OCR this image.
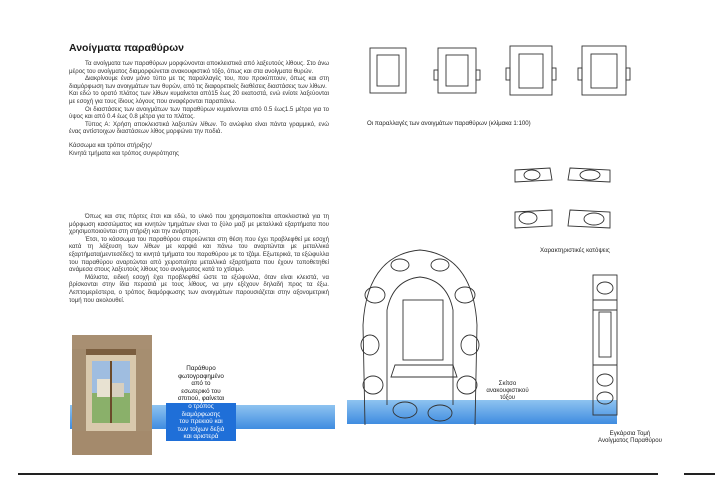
Ανοίγματα παραθύρων

Τα ανοίγματα των παραθύρων μορφώνονται αποκλειστικά από λαξευτούς λίθους. Στο άνω μέρος του ανοίγματος διαμορφώνεται ανακουφιστικό τόξο, όπως και στα ανοίγματα θυρών.

Διακρίνουμε έναν μόνο τύπο με τις παραλλαγές του, που προκύπτουν, όπως και στη διαμόρφωση των ανοιγμάτων των θυρών, από τις διαφορετικές διαθέσεις διαστάσεις των λίθων.

Και εδώ το ορατό πλάτος των λίθων κυμαίνεται από15 έως 20 εκατοστά, ενώ ενίοτε λαξεύονται με εσοχή για τους ίδιους λόγους που αναφέρονται παραπάνω.

Οι διαστάσεις των ανοιγμάτων των παραθύρων κυμαίνονται από 0.5 έως1.5 μέτρα για το ύψος και από 0.4 έως 0.8 μέτρα για το πλάτος.

Τύπος Α: Χρήση αποκλειστικά λαξευτών λίθων. Το ανώφλιο είναι πάντα γραμμικό, ενώ ένας αντίστοιχων διαστάσεων λίθος μορφώνει την ποδιά.

Κάσσωμα και τρόποι στήριξης/

Κινητά τμήματα και τρόπος συγκρότησης

Όπως και στις πόρτες έτσι και εδώ, το υλικό που χρησιμοποιείται αποκλειστικά για τη μόρφωση κασσώματος και κινητών τμημάτων είναι το ξύλο μαζί με μεταλλικά εξαρτήματα που χρησιμοποιούνται στη στήριξη και την ανάρτηση.

Έτσι, το κάσσωμα του παραθύρου στερεώνεται στη θέση που έχει προβλεφθεί με εσοχή κατά τη λάξευση των λίθων με καρφιά και πάνω του αναρτώνται με μεταλλικά εξαρτήματα(μεντεσέδες) τα κινητά τμήματα του παραθύρου με το τζάμι. Εξωτερικά, τα εξώφυλλα του παραθύρου αναρτώνται από χειροποίητα μεταλλικά εξαρτήματα που έχουν τοποθετηθεί ανάμεσα στους λαξευτούς λίθους του ανοίγματος κατά το χτίσιμο.

Μάλιστα, ειδική εσοχή έχει προβλεφθεί ώστε τα εξώφυλλα, όταν είναι κλειστά, να βρίσκονται στην ίδια περασιά με τους λίθους, να μην εξέχουν δηλαδή προς τα έξω. Λεπτομερέστερα, ο τρόπος διαμόρφωσης των ανοιγμάτων παρουσιάζεται στην αξονομετρική τομή που ακολουθεί.

Παράθυρο
φωτογραφημένο
από το
εσωτερικό του
σπιτιού, φαίνεται
ο τρόπος
διαμόρφωσης
του πρεκιού και
των τοίχων δεξιά
και αριστερά
Οι παραλλαγές των ανοιγμάτων παραθύρων (κλίμακα 1:100)
Χαρακτηριστικές κατόψεις
Σκίτσο
ανακουφιστικού
τόξου
Εγκάρσια Τομή
Ανοίγματος Παραθύρου
